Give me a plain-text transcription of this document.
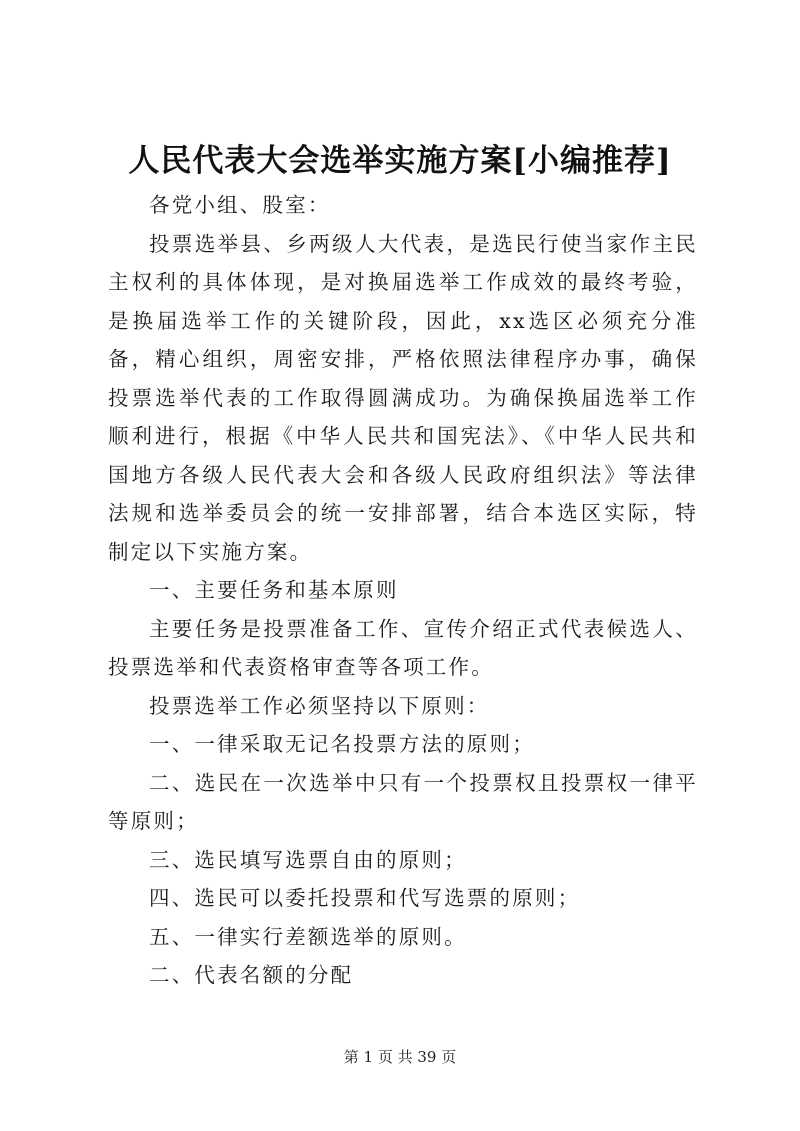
人民代表大会选举实施方案[小编推荐]

各党小组、股室：

投票选举县、乡两级人大代表，是选民行使当家作主民主权利的具体体现，是对换届选举工作成效的最终考验，是换届选举工作的关键阶段，因此，xx选区必须充分准备，精心组织，周密安排，严格依照法律程序办事，确保投票选举代表的工作取得圆满成功。为确保换届选举工作顺利进行，根据《中华人民共和国宪法》、《中华人民共和国地方各级人民代表大会和各级人民政府组织法》等法律法规和选举委员会的统一安排部署，结合本选区实际，特制定以下实施方案。

一、主要任务和基本原则

主要任务是投票准备工作、宣传介绍正式代表候选人、投票选举和代表资格审查等各项工作。

投票选举工作必须坚持以下原则：

一、一律采取无记名投票方法的原则；

二、选民在一次选举中只有一个投票权且投票权一律平等原则；

三、选民填写选票自由的原则；

四、选民可以委托投票和代写选票的原则；

五、一律实行差额选举的原则。

二、代表名额的分配

第 1 页 共 39 页
